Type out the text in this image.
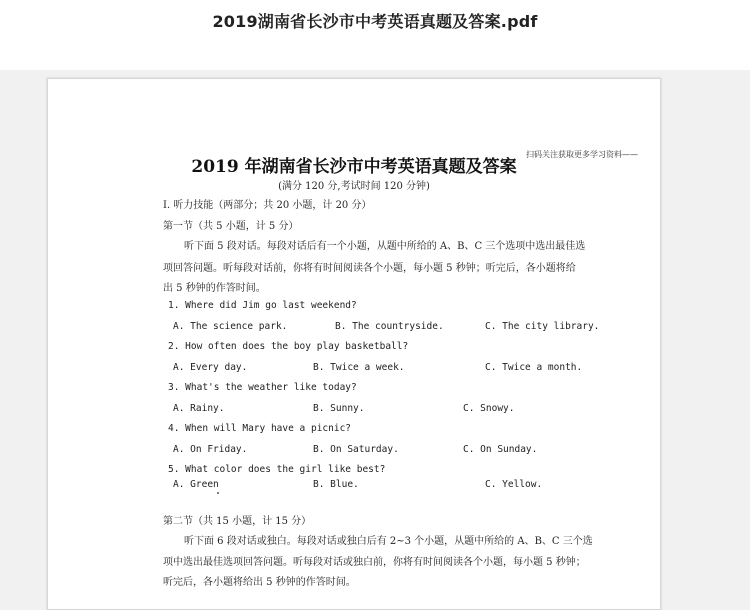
2019湖南省长沙市中考英语真题及答案.pdf
扫码关注获取更多学习资料——
2019 年湖南省长沙市中考英语真题及答案
(满分 120 分,考试时间 120 分钟)
I. 听力技能（两部分；共 20 小题，计 20 分）
第一节（共 5 小题，计 5 分）
听下面 5 段对话。每段对话后有一个小题，从题中所给的 A、B、C 三个选项中选出最佳选
项回答问题。听每段对话前，你将有时间阅读各个小题，每小题 5 秒钟；听完后，各小题将给
出 5 秒钟的作答时间。
1. Where did Jim go last weekend?
A. The science park.	B. The countryside.	C. The city library.
2. How often does the boy play basketball?
A. Every day.	B. Twice a week.	C. Twice a month.
3. What's the weather like today?
A. Rainy.	B. Sunny.	C. Snowy.
4. When will Mary have a picnic?
A. On Friday.	B. On Saturday.	C. On Sunday.
5. What color does the girl like best?
A. Green	B. Blue.	C. Yellow.
第二节（共 15 小题，计 15 分）
听下面 6 段对话或独白。每段对话或独白后有 2~3 个小题，从题中所给的 A、B、C 三个选
项中选出最佳选项回答问题。听每段对话或独白前，你将有时间阅读各个小题，每小题 5 秒钟；
听完后，各小题将给出 5 秒钟的作答时间。
